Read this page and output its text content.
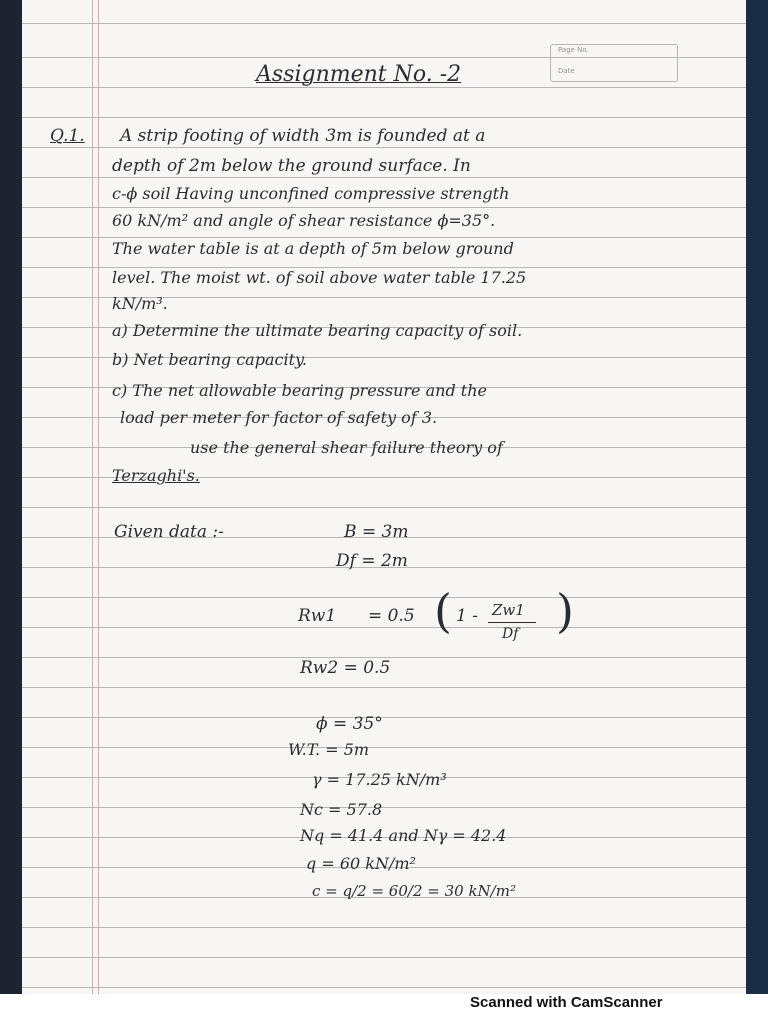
Page No.
Date
Assignment No. -2
Q.1. A strip footing of width 3m is founded at a
depth of 2m below the ground surface. In
c-ϕ soil Having unconfined compressive strength
60 kN/m² and angle of shear resistance ϕ=35°.
The water table is at a depth of 5m below ground
level. The moist wt. of soil above water table 17.25
kN/m³.
a) Determine the ultimate bearing capacity of soil.
b) Net bearing capacity.
c) The net allowable bearing pressure and the
load per meter for factor of safety of 3.
use the general shear failure theory of
Terzaghi's.
Given data :-	B = 3m
Df = 2m
Rw1 = 0.5 ( 1 - Zw1
Df )
Rw2 = 0.5
ϕ = 35°
W.T. = 5m
γ = 17.25 kN/m³
Nc = 57.8
Nq = 41.4 and Nγ = 42.4
q = 60 kN/m²
c = q/2 = 60/2 = 30 kN/m²
Scanned with CamScanner
